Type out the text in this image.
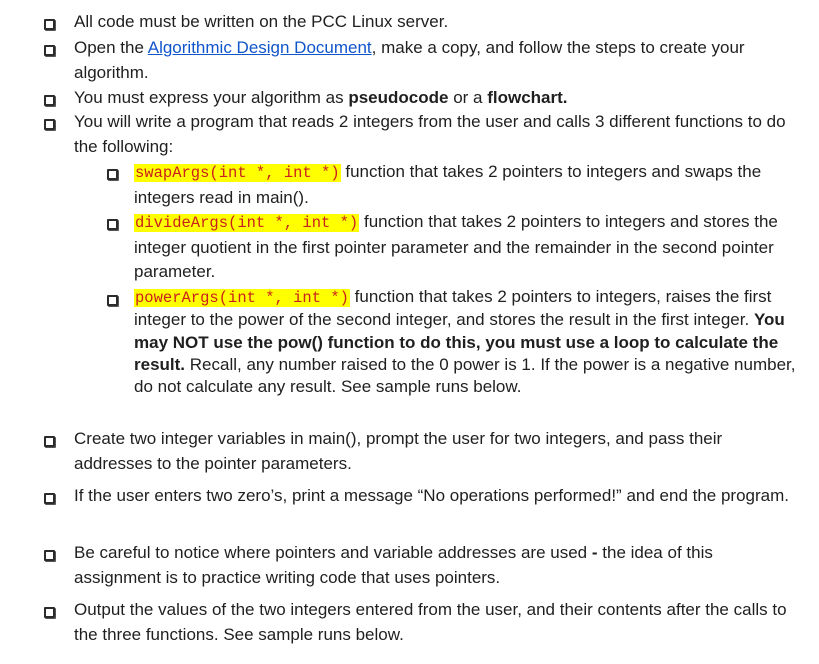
All code must be written on the PCC Linux server.
Open the Algorithmic Design Document, make a copy, and follow the steps to create your algorithm.
You must express your algorithm as pseudocode or a flowchart.
You will write a program that reads 2 integers from the user and calls 3 different functions to do the following:
swapArgs(int *, int *) function that takes 2 pointers to integers and swaps the integers read in main().
divideArgs(int *, int *) function that takes 2 pointers to integers and stores the integer quotient in the first pointer parameter and the remainder in the second pointer parameter.
powerArgs(int *, int *) function that takes 2 pointers to integers, raises the first integer to the power of the second integer, and stores the result in the first integer. You may NOT use the pow() function to do this, you must use a loop to calculate the result. Recall, any number raised to the 0 power is 1. If the power is a negative number, do not calculate any result. See sample runs below.
Create two integer variables in main(), prompt the user for two integers, and pass their addresses to the pointer parameters.
If the user enters two zero’s, print a message “No operations performed!” and end the program.
Be careful to notice where pointers and variable addresses are used - the idea of this assignment is to practice writing code that uses pointers.
Output the values of the two integers entered from the user, and their contents after the calls to the three functions. See sample runs below.
